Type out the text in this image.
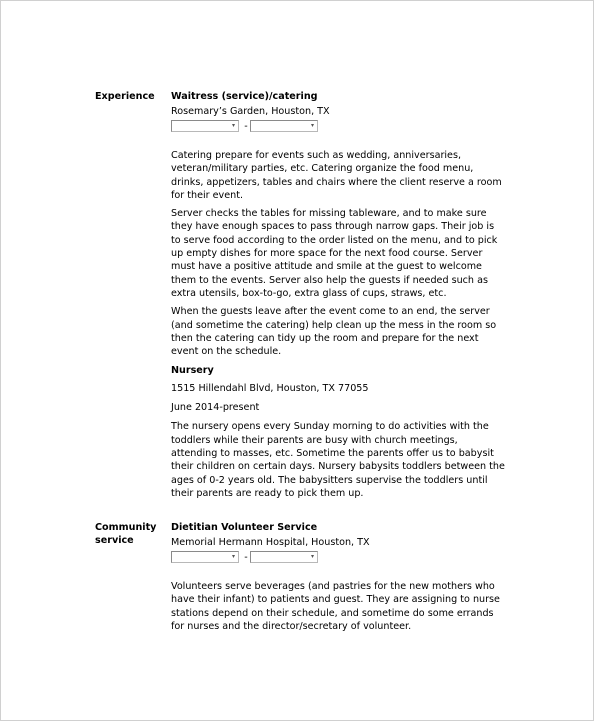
Experience	Waitress (service)/catering
Rosemary’s Garden, Houston, TX
▾ -	▾

Catering prepare for events such as wedding, anniversaries, veteran/military parties, etc. Catering organize the food menu, drinks, appetizers, tables and chairs where the client reserve a room for their event.

Server checks the tables for missing tableware, and to make sure they have enough spaces to pass through narrow gaps. Their job is to serve food according to the order listed on the menu, and to pick up empty dishes for more space for the next food course. Server must have a positive attitude and smile at the guest to welcome them to the events. Server also help the guests if needed such as extra utensils, box-to-go, extra glass of cups, straws, etc.

When the guests leave after the event come to an end, the server (and sometime the catering) help clean up the mess in the room so then the catering can tidy up the room and prepare for the next event on the schedule.

Nursery
1515 Hillendahl Blvd, Houston, TX 77055
June 2014-present

The nursery opens every Sunday morning to do activities with the toddlers while their parents are busy with church meetings, attending to masses, etc. Sometime the parents offer us to babysit their children on certain days. Nursery babysits toddlers between the ages of 0-2 years old. The babysitters supervise the toddlers until their parents are ready to pick them up.

Community
service
Dietitian Volunteer Service
Memorial Hermann Hospital, Houston, TX
▾ -	▾

Volunteers serve beverages (and pastries for the new mothers who have their infant) to patients and guest. They are assigning to nurse stations depend on their schedule, and sometime do some errands for nurses and the director/secretary of volunteer.
